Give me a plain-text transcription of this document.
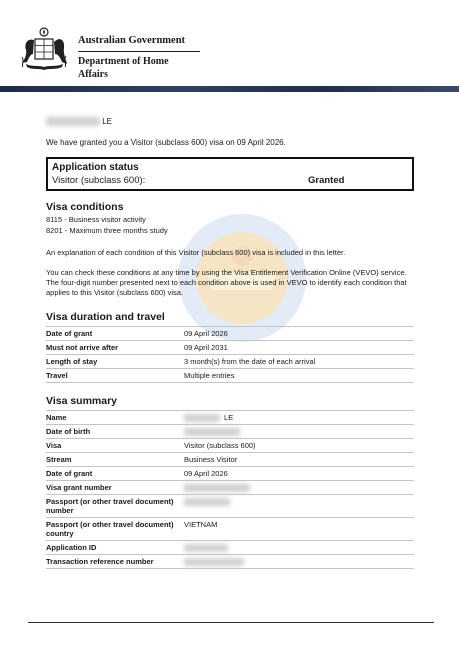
Australian Government
Department of Home Affairs
LE
We have granted you a Visitor (subclass 600) visa on 09 April 2026.
Application status
Visitor (subclass 600):	Granted
Visa conditions
8115 - Business visitor activity
8201 - Maximum three months study
An explanation of each condition of this Visitor (subclass 600) visa is included in this letter.
You can check these conditions at any time by using the Visa Entitlement Verification Online (VEVO) service. The four-digit number presented next to each condition above is used in VEVO to identify each condition that applies to this Visitor (subclass 600) visa.
Visa duration and travel
Date of grant	09 April 2026
Must not arrive after	09 April 2031
Length of stay	3 month(s) from the date of each arrival
Travel	Multiple entries
Visa summary
Name	LE
Date of birth	
Visa	Visitor (subclass 600)
Stream	Business Visitor
Date of grant	09 April 2026
Visa grant number	
Passport (or other travel document) number	
Passport (or other travel document) country	VIETNAM
Application ID	
Transaction reference number	
